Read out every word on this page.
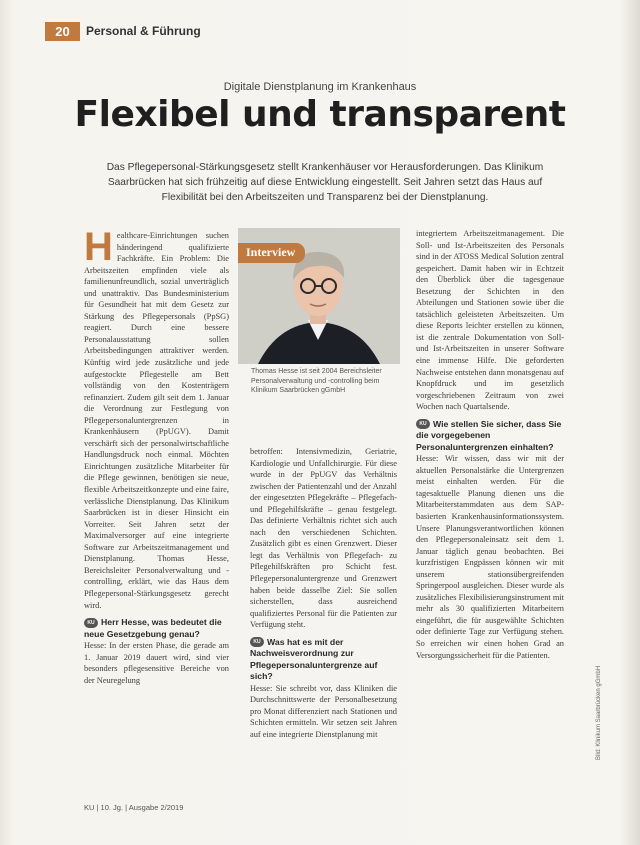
20	Personal & Führung
Digitale Dienstplanung im Krankenhaus
Flexibel und transparent
Das Pflegepersonal-Stärkungsgesetz stellt Krankenhäuser vor Herausforderungen. Das Klinikum Saarbrücken hat sich frühzeitig auf diese Entwicklung eingestellt. Seit Jahren setzt das Haus auf Flexibilität bei den Arbeitszeiten und Transparenz bei der Dienstplanung.

Healthcare-Einrichtungen suchen händeringend qualifizierte Fachkräfte. Ein Problem: Die Arbeitszeiten empfinden viele als familienunfreundlich, sozial unverträglich und unattraktiv. Das Bundesministerium für Gesundheit hat mit dem Gesetz zur Stärkung des Pflegepersonals (PpSG) reagiert. Durch eine bessere Personalausstattung sollen Arbeitsbedingungen attraktiver werden. Künftig wird jede zusätzliche und jede aufgestockte Pflegestelle am Bett vollständig von den Kostenträgern refinanziert. Zudem gilt seit dem 1. Januar die Verordnung zur Festlegung von Pflegepersonaluntergrenzen in Krankenhäusern (PpUGV). Damit verschärft sich der personalwirtschaftliche Handlungsdruck noch einmal. Möchten Einrichtungen zusätzliche Mitarbeiter für die Pflege gewinnen, benötigen sie neue, flexible Arbeitszeitkonzepte und eine faire, verlässliche Dienstplanung. Das Klinikum Saarbrücken ist in dieser Hinsicht ein Vorreiter. Seit Jahren setzt der Maximalversorger auf eine integrierte Software zur Arbeitszeitmanagement und Dienstplanung. Thomas Hesse, Bereichsleiter Personalverwaltung und -controlling, erklärt, wie das Haus dem Pflegepersonal-Stärkungsgesetz gerecht wird.

KU Herr Hesse, was bedeutet die neue Gesetzgebung genau?

Hesse: In der ersten Phase, die gerade am 1. Januar 2019 dauert wird, sind vier besonders pflegesensitive Bereiche von der Neuregelung

Interview
Thomas Hesse ist seit 2004 Bereichsleiter Personalverwaltung und -controlling beim Klinikum Saarbrücken gGmbH

betroffen: Intensivmedizin, Geriatrie, Kardiologie und Unfallchirurgie. Für diese wurde in der PpUGV das Verhältnis zwischen der Patientenzahl und der Anzahl der eingesetzten Pflegekräfte – Pflegefach- und Pflegehilfskräfte – genau festgelegt. Das definierte Verhältnis richtet sich auch nach den verschiedenen Schichten. Zusätzlich gibt es einen Grenzwert. Dieser legt das Verhältnis von Pflegefach- zu Pflegehilfskräften pro Schicht fest. Pflegepersonaluntergrenze und Grenzwert haben beide dasselbe Ziel: Sie sollen sicherstellen, dass ausreichend qualifiziertes Personal für die Patienten zur Verfügung steht.

KU Was hat es mit der Nachweisverordnung zur Pflegepersonaluntergrenze auf sich?

Hesse: Sie schreibt vor, dass Kliniken die Durchschnittswerte der Personalbesetzung pro Monat differenziert nach Stationen und Schichten ermitteln. Wir setzen seit Jahren auf eine integrierte Dienstplanung mit

integriertem Arbeitszeitmanagement. Die Soll- und Ist-Arbeitszeiten des Personals sind in der ATOSS Medical Solution zentral gespeichert. Damit haben wir in Echtzeit den Überblick über die tagesgenaue Besetzung der Schichten in den Abteilungen und Stationen sowie über die tatsächlich geleisteten Arbeitszeiten. Um diese Reports leichter erstellen zu können, ist die zentrale Dokumentation von Soll- und Ist-Arbeitszeiten in unserer Software eine immense Hilfe. Die geforderten Nachweise entstehen dann monatsgenau auf Knopfdruck und im gesetzlich vorgeschriebenen Zeitraum von zwei Wochen nach Quartalsende.

KU Wie stellen Sie sicher, dass Sie die vorgegebenen Personaluntergrenzen einhalten?

Hesse: Wir wissen, dass wir mit der aktuellen Personalstärke die Untergrenzen meist einhalten werden. Für die tagesaktuelle Planung dienen uns die Mitarbeiterstammdaten aus dem SAP-basierten Krankenhausinformationssystem. Unsere Planungsverantwortlichen können den Pflegepersonaleinsatz seit dem 1. Januar täglich genau beobachten. Bei kurzfristigen Engpässen können wir mit unserem stationsübergreifenden Springerpool ausgleichen. Dieser wurde als zusätzliches Flexibilisierungsinstrument mit mehr als 30 qualifizierten Mitarbeitern eingeführt, die für ausgewählte Schichten oder definierte Tage zur Verfügung stehen. So erreichen wir einen hohen Grad an Versorgungssicherheit für die Patienten.

Bild: Klinikum Saarbrücken gGmbH
KU | 10. Jg. | Ausgabe 2/2019
